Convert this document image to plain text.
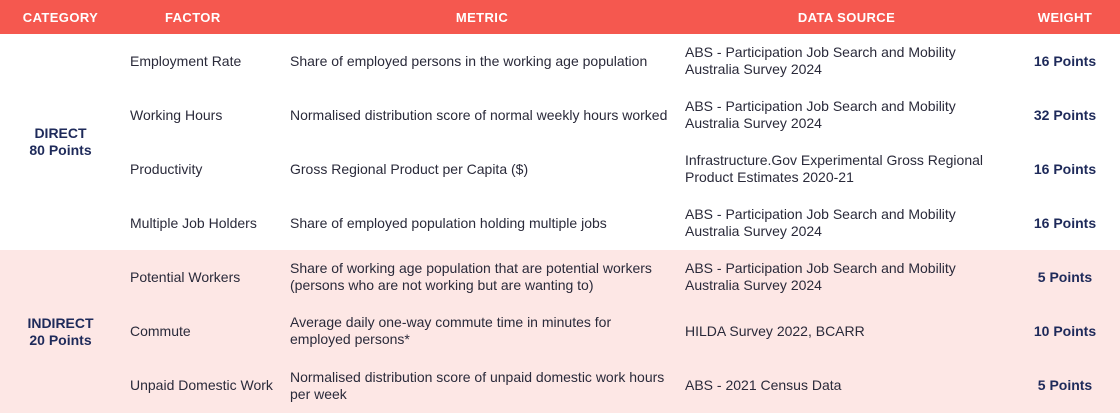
CATEGORY	FACTOR	METRIC	DATA SOURCE	WEIGHT

DIRECT
80 Points	Employment Rate	Share of employed persons in the working age population	ABS - Participation Job Search and Mobility Australia Survey 2024	16 Points
	Working Hours	Normalised distribution score of normal weekly hours worked	ABS - Participation Job Search and Mobility Australia Survey 2024	32 Points
	Productivity	Gross Regional Product per Capita ($)	Infrastructure.Gov Experimental Gross Regional Product Estimates 2020-21	16 Points
	Multiple Job Holders	Share of employed population holding multiple jobs	ABS - Participation Job Search and Mobility Australia Survey 2024	16 Points

INDIRECT
20 Points	Potential Workers	Share of working age population that are potential workers (persons who are not working but are wanting to)	ABS - Participation Job Search and Mobility Australia Survey 2024	5 Points
	Commute	Average daily one-way commute time in minutes for employed persons*	HILDA Survey 2022, BCARR	10 Points
	Unpaid Domestic Work	Normalised distribution score of unpaid domestic work hours per week	ABS - 2021 Census Data	5 Points
